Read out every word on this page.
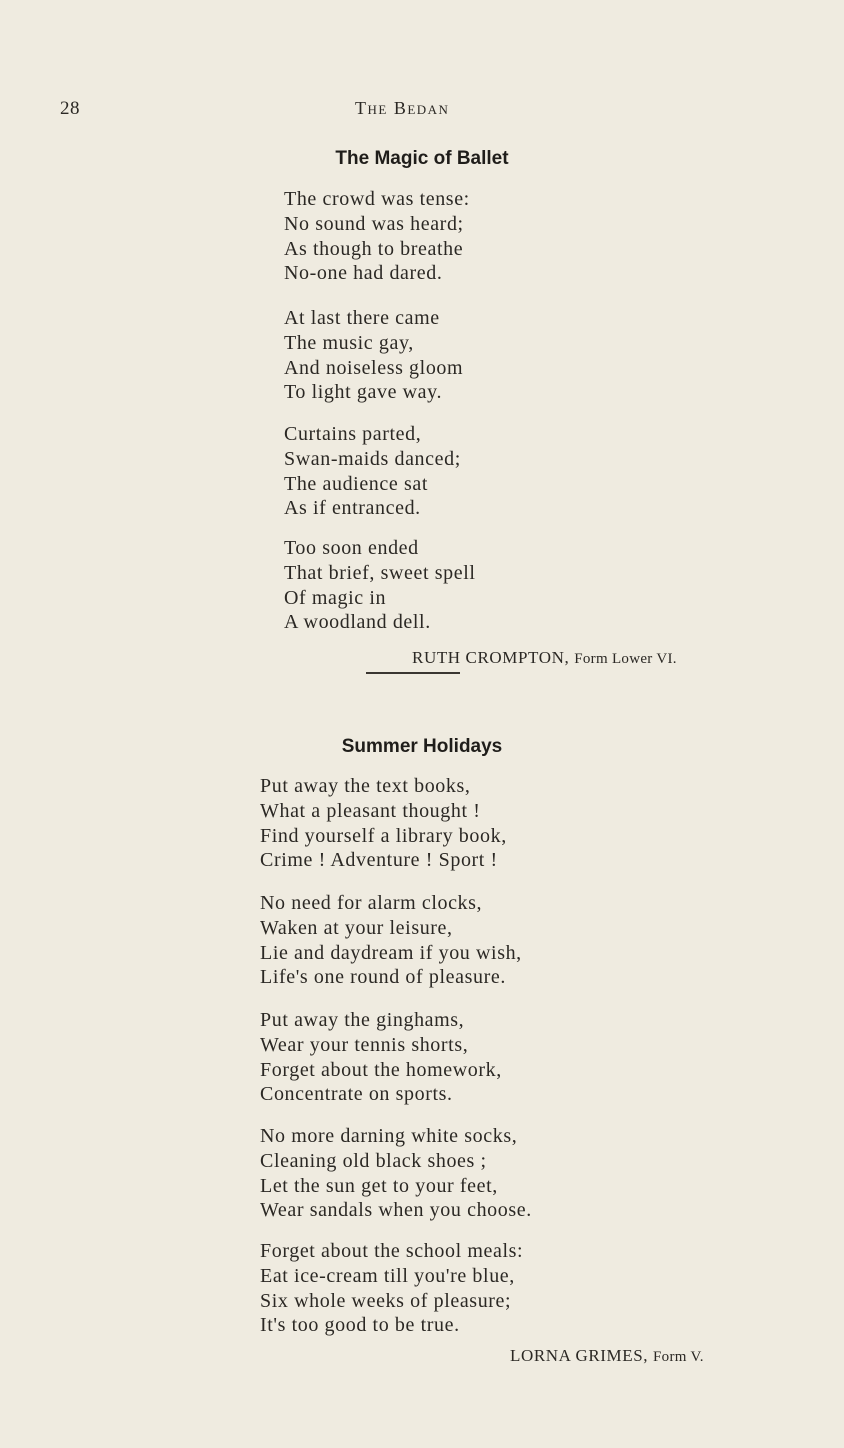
28	The Bedan
The Magic of Ballet

The crowd was tense:
No sound was heard;
As though to breathe
No-one had dared.

At last there came
The music gay,
And noiseless gloom
To light gave way.

Curtains parted,
Swan-maids danced;
The audience sat
As if entranced.

Too soon ended
That brief, sweet spell
Of magic in
A woodland dell.

RUTH CROMPTON, Form Lower VI.
Summer Holidays

Put away the text books,
What a pleasant thought !
Find yourself a library book,
Crime ! Adventure ! Sport !

No need for alarm clocks,
Waken at your leisure,
Lie and daydream if you wish,
Life's one round of pleasure.

Put away the ginghams,
Wear your tennis shorts,
Forget about the homework,
Concentrate on sports.

No more darning white socks,
Cleaning old black shoes ;
Let the sun get to your feet,
Wear sandals when you choose.

Forget about the school meals:
Eat ice-cream till you're blue,
Six whole weeks of pleasure;
It's too good to be true.

LORNA GRIMES, Form V.
